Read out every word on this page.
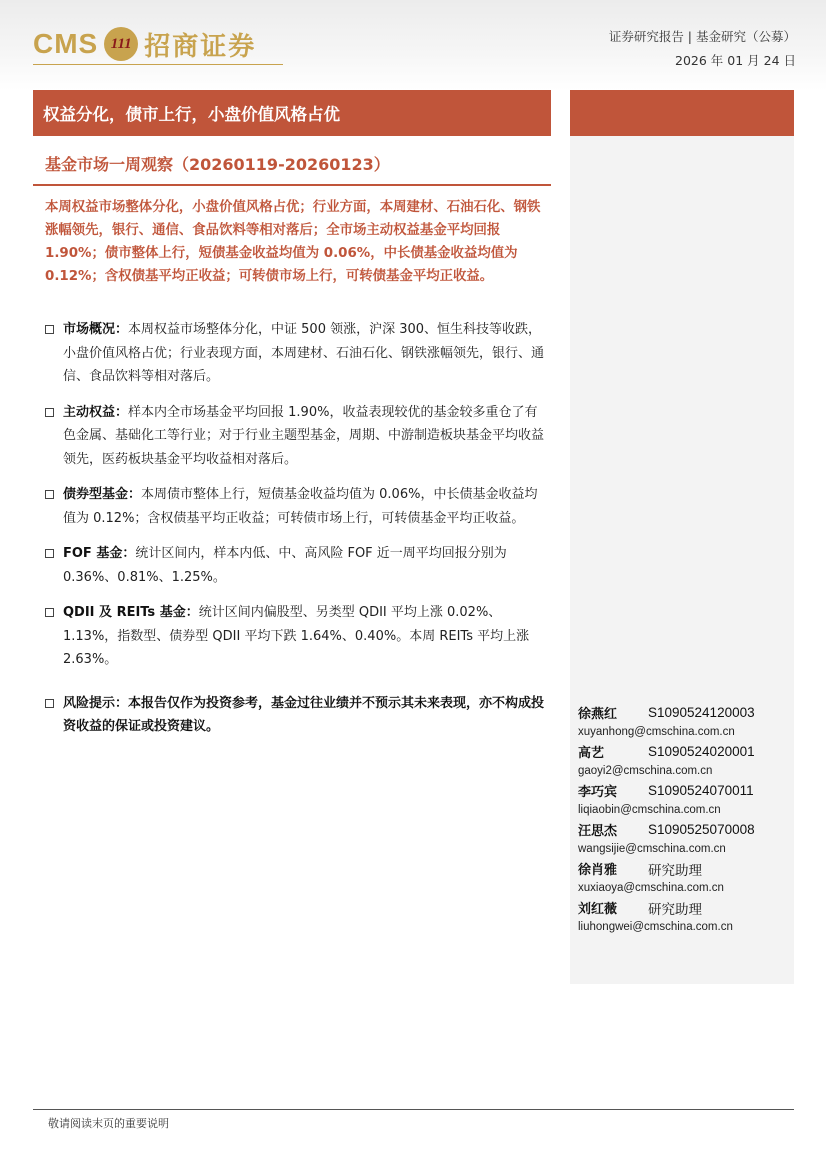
CMS 111 招商证券	证券研究报告 | 基金研究（公募）
2026 年 01 月 24 日
权益分化，债市上行，小盘价值风格占优
基金市场一周观察（20260119-20260123）
本周权益市场整体分化，小盘价值风格占优；行业方面，本周建材、石油石化、钢铁涨幅领先，银行、通信、食品饮料等相对落后；全市场主动权益基金平均回报 1.90%；债市整体上行，短债基金收益均值为 0.06%，中长债基金收益均值为 0.12%；含权债基平均正收益；可转债市场上行，可转债基金平均正收益。
市场概况：本周权益市场整体分化，中证 500 领涨，沪深 300、恒生科技等收跌，小盘价值风格占优；行业表现方面，本周建材、石油石化、钢铁涨幅领先，银行、通信、食品饮料等相对落后。
主动权益：样本内全市场基金平均回报 1.90%，收益表现较优的基金较多重仓了有色金属、基础化工等行业；对于行业主题型基金，周期、中游制造板块基金平均收益领先，医药板块基金平均收益相对落后。
债券型基金：本周债市整体上行，短债基金收益均值为 0.06%，中长债基金收益均值为 0.12%；含权债基平均正收益；可转债市场上行，可转债基金平均正收益。
FOF 基金：统计区间内，样本内低、中、高风险 FOF 近一周平均回报分别为 0.36%、0.81%、1.25%。
QDII 及 REITs 基金：统计区间内偏股型、另类型 QDII 平均上涨 0.02%、1.13%，指数型、债券型 QDII 平均下跌 1.64%、0.40%。本周 REITs 平均上涨 2.63%。
风险提示：本报告仅作为投资参考，基金过往业绩并不预示其未来表现，亦不构成投资收益的保证或投资建议。
徐燕红	S1090524120003
xuyanhong@cmschina.com.cn
高艺	S1090524020001
gaoyi2@cmschina.com.cn
李巧宾	S1090524070011
liqiaobin@cmschina.com.cn
汪思杰	S1090525070008
wangsijie@cmschina.com.cn
徐肖雅	研究助理
xuxiaoya@cmschina.com.cn
刘红薇	研究助理
liuhongwei@cmschina.com.cn
敬请阅读末页的重要说明
